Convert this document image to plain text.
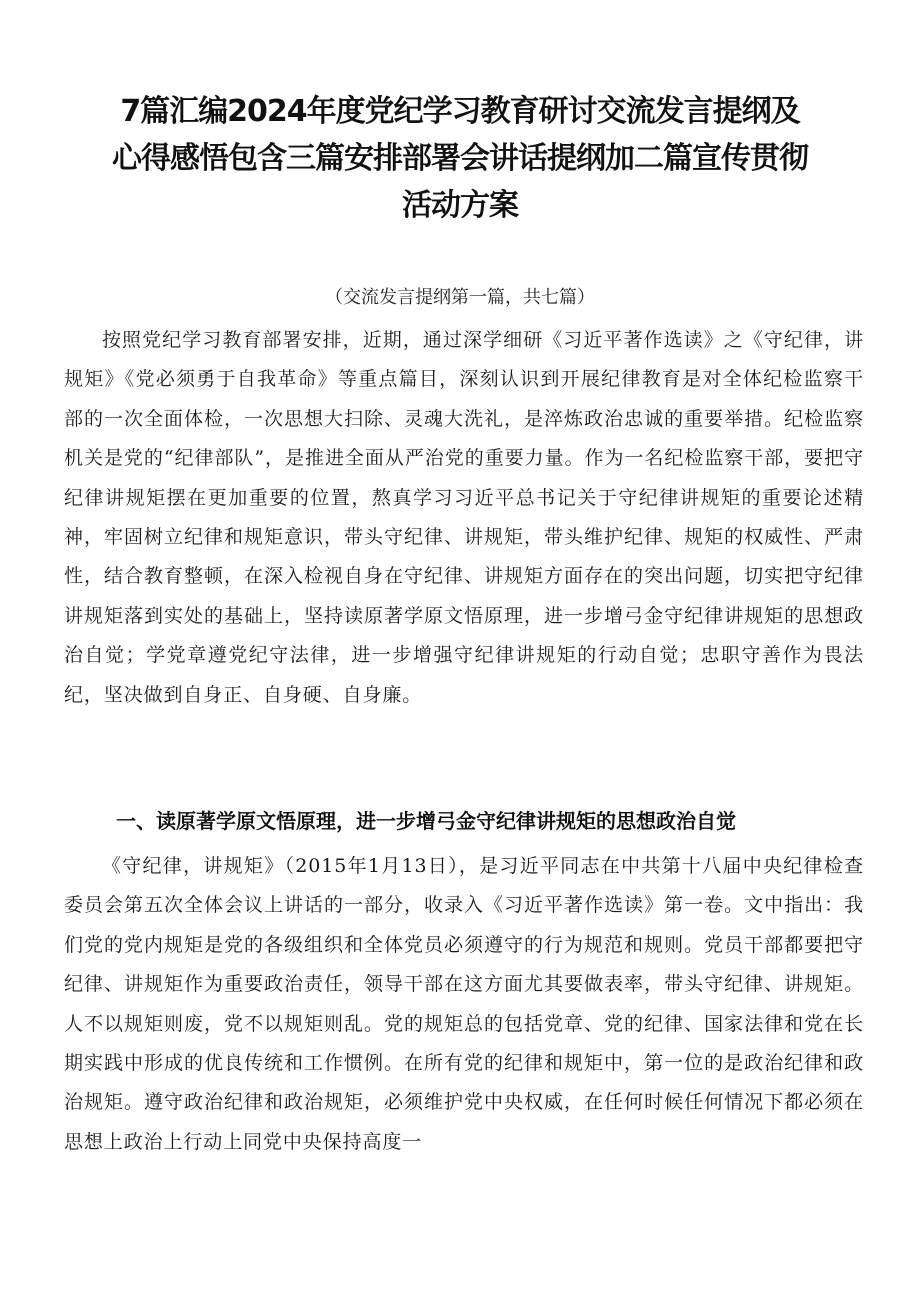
7篇汇编2024年度党纪学习教育研讨交流发言提纲及
心得感悟包含三篇安排部署会讲话提纲加二篇宣传贯彻
活动方案

（交流发言提纲第一篇，共七篇）

按照党纪学习教育部署安排，近期，通过深学细研《习近平著作选读》之《守纪律，讲规矩》《党必须勇于自我革命》等重点篇目，深刻认识到开展纪律教育是对全体纪检监察干部的一次全面体检，一次思想大扫除、灵魂大洗礼，是淬炼政治忠诚的重要举措。纪检监察机关是党的“纪律部队”，是推进全面从严治党的重要力量。作为一名纪检监察干部，要把守纪律讲规矩摆在更加重要的位置，熬真学习习近平总书记关于守纪律讲规矩的重要论述精神，牢固树立纪律和规矩意识，带头守纪律、讲规矩，带头维护纪律、规矩的权威性、严肃性，结合教育整顿，在深入检视自身在守纪律、讲规矩方面存在的突出问题，切实把守纪律讲规矩落到实处的基础上，坚持读原著学原文悟原理，进一步增弓金守纪律讲规矩的思想政治自觉；学党章遵党纪守法律，进一步增强守纪律讲规矩的行动自觉；忠职守善作为畏法纪，坚决做到自身正、自身硬、自身廉。

一、读原著学原文悟原理，进一步增弓金守纪律讲规矩的思想政治自觉

《守纪律，讲规矩》（2015年1月13日），是习近平同志在中共第十八届中央纪律检查委员会第五次全体会议上讲话的一部分，收录入《习近平著作选读》第一卷。文中指出：我们党的党内规矩是党的各级组织和全体党员必须遵守的行为规范和规则。党员干部都要把守纪律、讲规矩作为重要政治责任，领导干部在这方面尤其要做表率，带头守纪律、讲规矩。人不以规矩则废，党不以规矩则乱。党的规矩总的包括党章、党的纪律、国家法律和党在长期实践中形成的优良传统和工作惯例。在所有党的纪律和规矩中，第一位的是政治纪律和政治规矩。遵守政治纪律和政治规矩，必须维护党中央权威，在任何时候任何情况下都必须在思想上政治上行动上同党中央保持高度一
